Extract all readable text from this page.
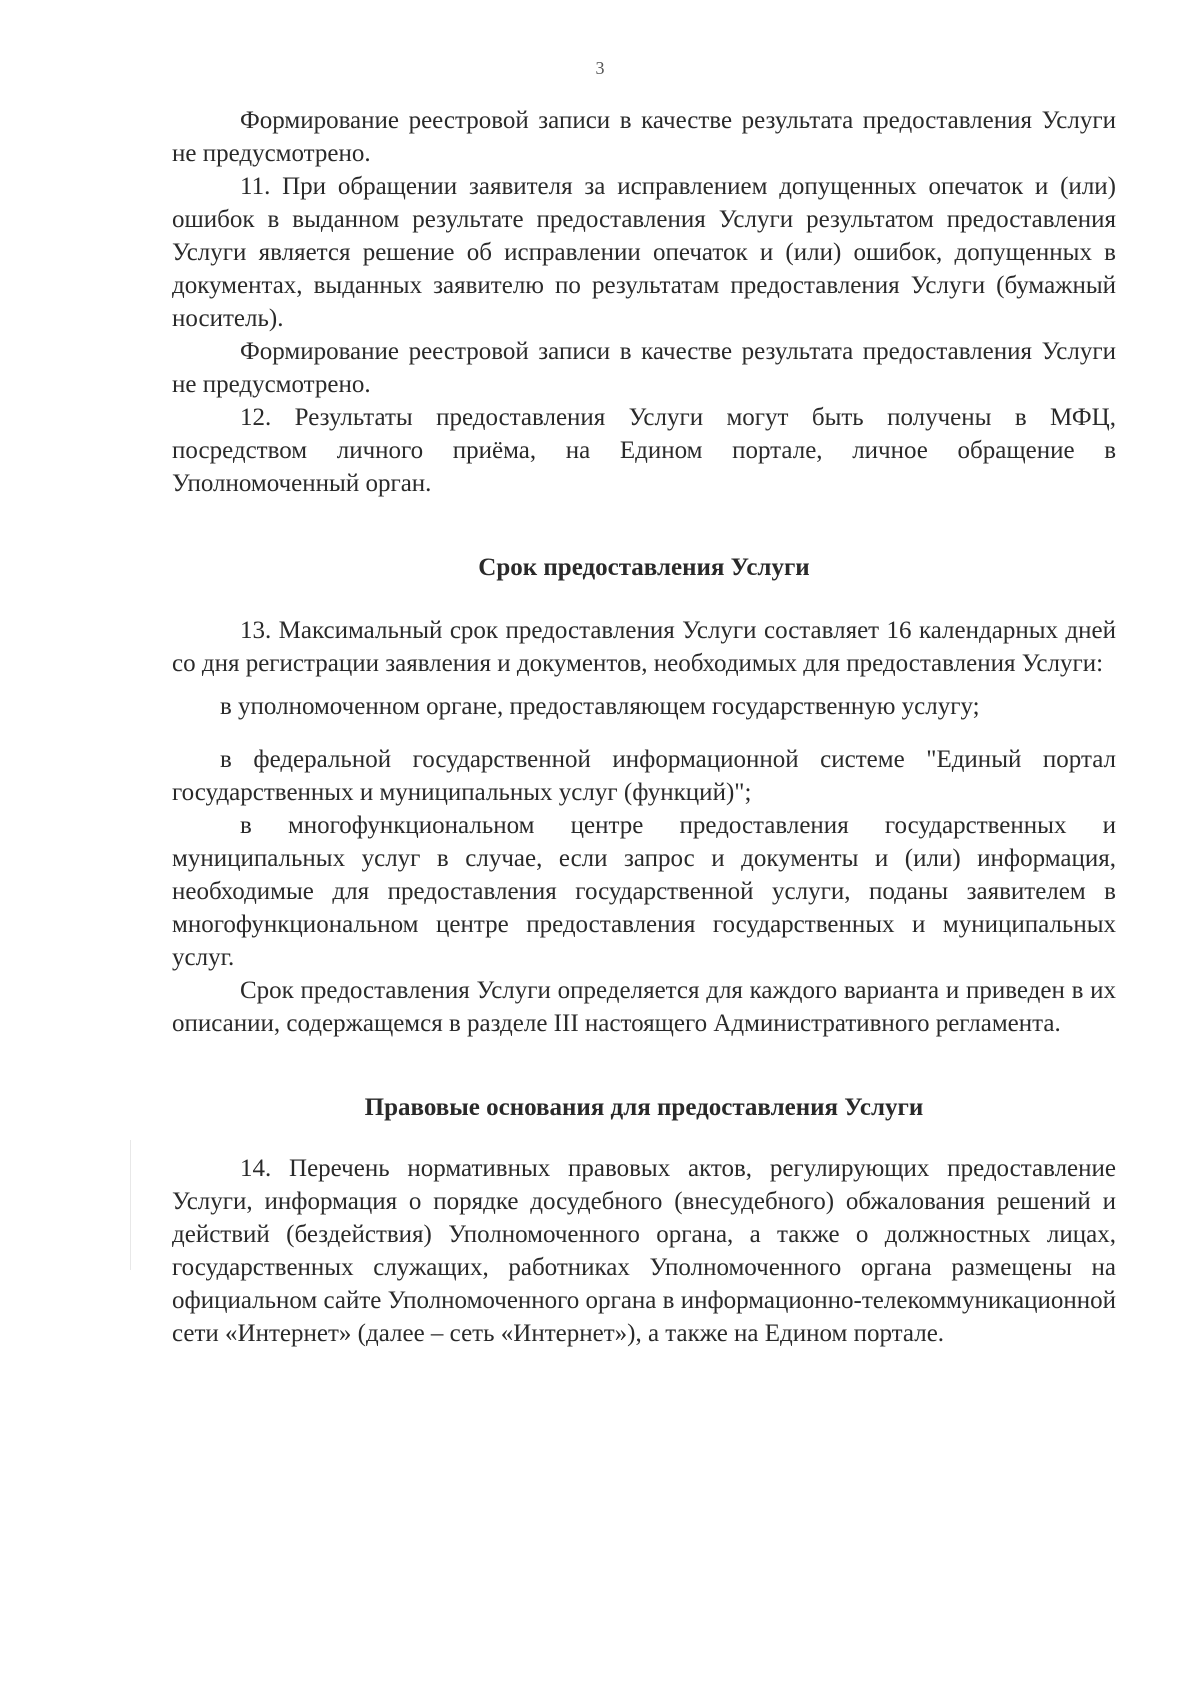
3

Формирование реестровой записи в качестве результата предоставления Услуги не предусмотрено.

11. При обращении заявителя за исправлением допущенных опечаток и (или) ошибок в выданном результате предоставления Услуги результатом предоставления Услуги является решение об исправлении опечаток и (или) ошибок, допущенных в документах, выданных заявителю по результатам предоставления Услуги (бумажный носитель).

Формирование реестровой записи в качестве результата предоставления Услуги не предусмотрено.

12. Результаты предоставления Услуги могут быть получены в МФЦ, посредством личного приёма, на Едином портале, личное обращение в Уполномоченный орган.

Срок предоставления Услуги

13. Максимальный срок предоставления Услуги составляет 16 календарных дней со дня регистрации заявления и документов, необходимых для предоставления Услуги:

в уполномоченном органе, предоставляющем государственную услугу;

в федеральной государственной информационной системе "Единый портал государственных и муниципальных услуг (функций)";

в многофункциональном центре предоставления государственных и муниципальных услуг в случае, если запрос и документы и (или) информация, необходимые для предоставления государственной услуги, поданы заявителем в многофункциональном центре предоставления государственных и муниципальных услуг.

Срок предоставления Услуги определяется для каждого варианта и приведен в их описании, содержащемся в разделе III настоящего Административного регламента.

Правовые основания для предоставления Услуги

14. Перечень нормативных правовых актов, регулирующих предоставление Услуги, информация о порядке досудебного (внесудебного) обжалования решений и действий (бездействия) Уполномоченного органа, а также о должностных лицах, государственных служащих, работниках Уполномоченного органа размещены на официальном сайте Уполномоченного органа в информационно-телекоммуникационной сети «Интернет» (далее – сеть «Интернет»), а также на Едином портале.
